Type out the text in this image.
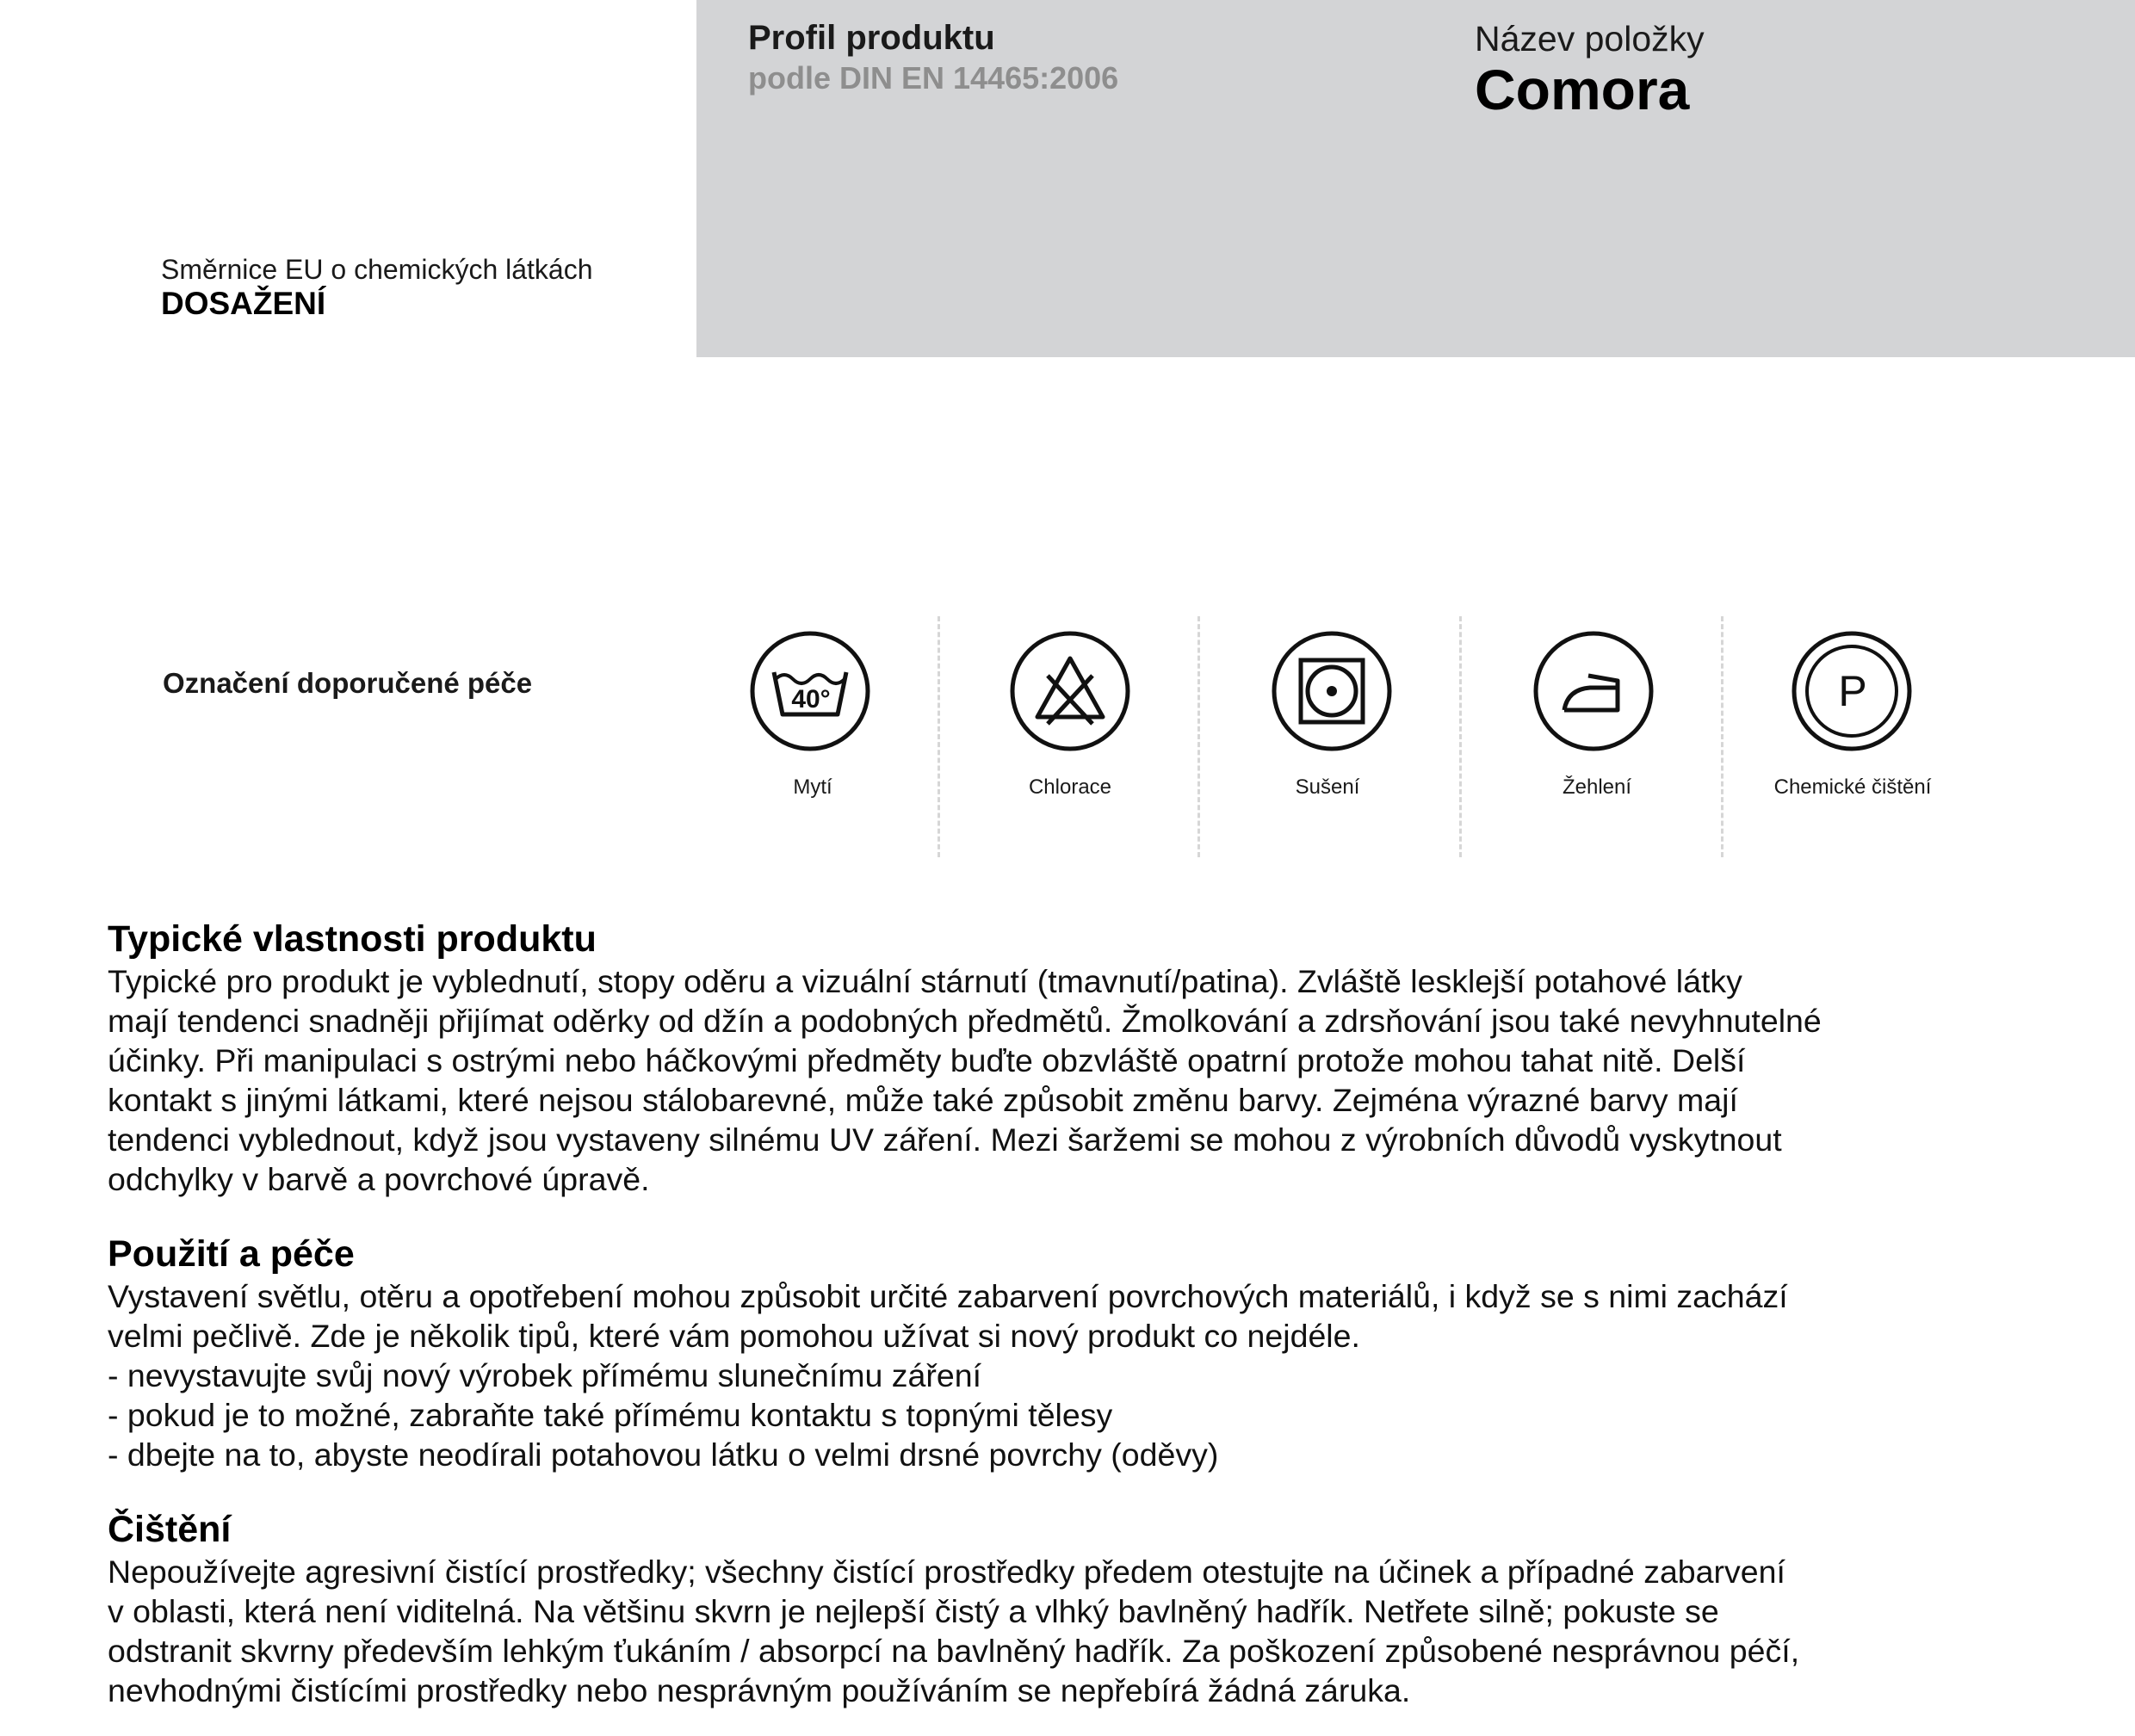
Profil produktu
podle DIN EN 14465:2006
Název položky
Comora
Směrnice EU o chemických látkách
DOSAŽENÍ
Označení doporučené péče
40°
Mytí	Chlorace	Sušení	Žehlení
P
Chemické čištění
Typické vlastnosti produktu

Typické pro produkt je vyblednutí, stopy oděru a vizuální stárnutí (tmavnutí/patina). Zvláště lesklejší potahové látky
mají tendenci snadněji přijímat oděrky od džín a podobných předmětů. Žmolkování a zdrsňování jsou také nevyhnutelné
účinky. Při manipulaci s ostrými nebo háčkovými předměty buďte obzvláště opatrní protože mohou tahat nitě. Delší
kontakt s jinými látkami, které nejsou stálobarevné, může také způsobit změnu barvy. Zejména výrazné barvy mají
tendenci vyblednout, když jsou vystaveny silnému UV záření. Mezi šaržemi se mohou z výrobních důvodů vyskytnout
odchylky v barvě a povrchové úpravě.

Použití a péče

Vystavení světlu, otěru a opotřebení mohou způsobit určité zabarvení povrchových materiálů, i když se s nimi zachází
velmi pečlivě. Zde je několik tipů, které vám pomohou užívat si nový produkt co nejdéle.
- nevystavujte svůj nový výrobek přímému slunečnímu záření
- pokud je to možné, zabraňte také přímému kontaktu s topnými tělesy
- dbejte na to, abyste neodírali potahovou látku o velmi drsné povrchy (oděvy)

Čištění

Nepoužívejte agresivní čistící prostředky; všechny čistící prostředky předem otestujte na účinek a případné zabarvení
v oblasti, která není viditelná. Na většinu skvrn je nejlepší čistý a vlhký bavlněný hadřík. Netřete silně; pokuste se
odstranit skvrny především lehkým ťukáním / absorpcí na bavlněný hadřík. Za poškození způsobené nesprávnou péčí,
nevhodnými čistícími prostředky nebo nesprávným používáním se nepřebírá žádná záruka.
